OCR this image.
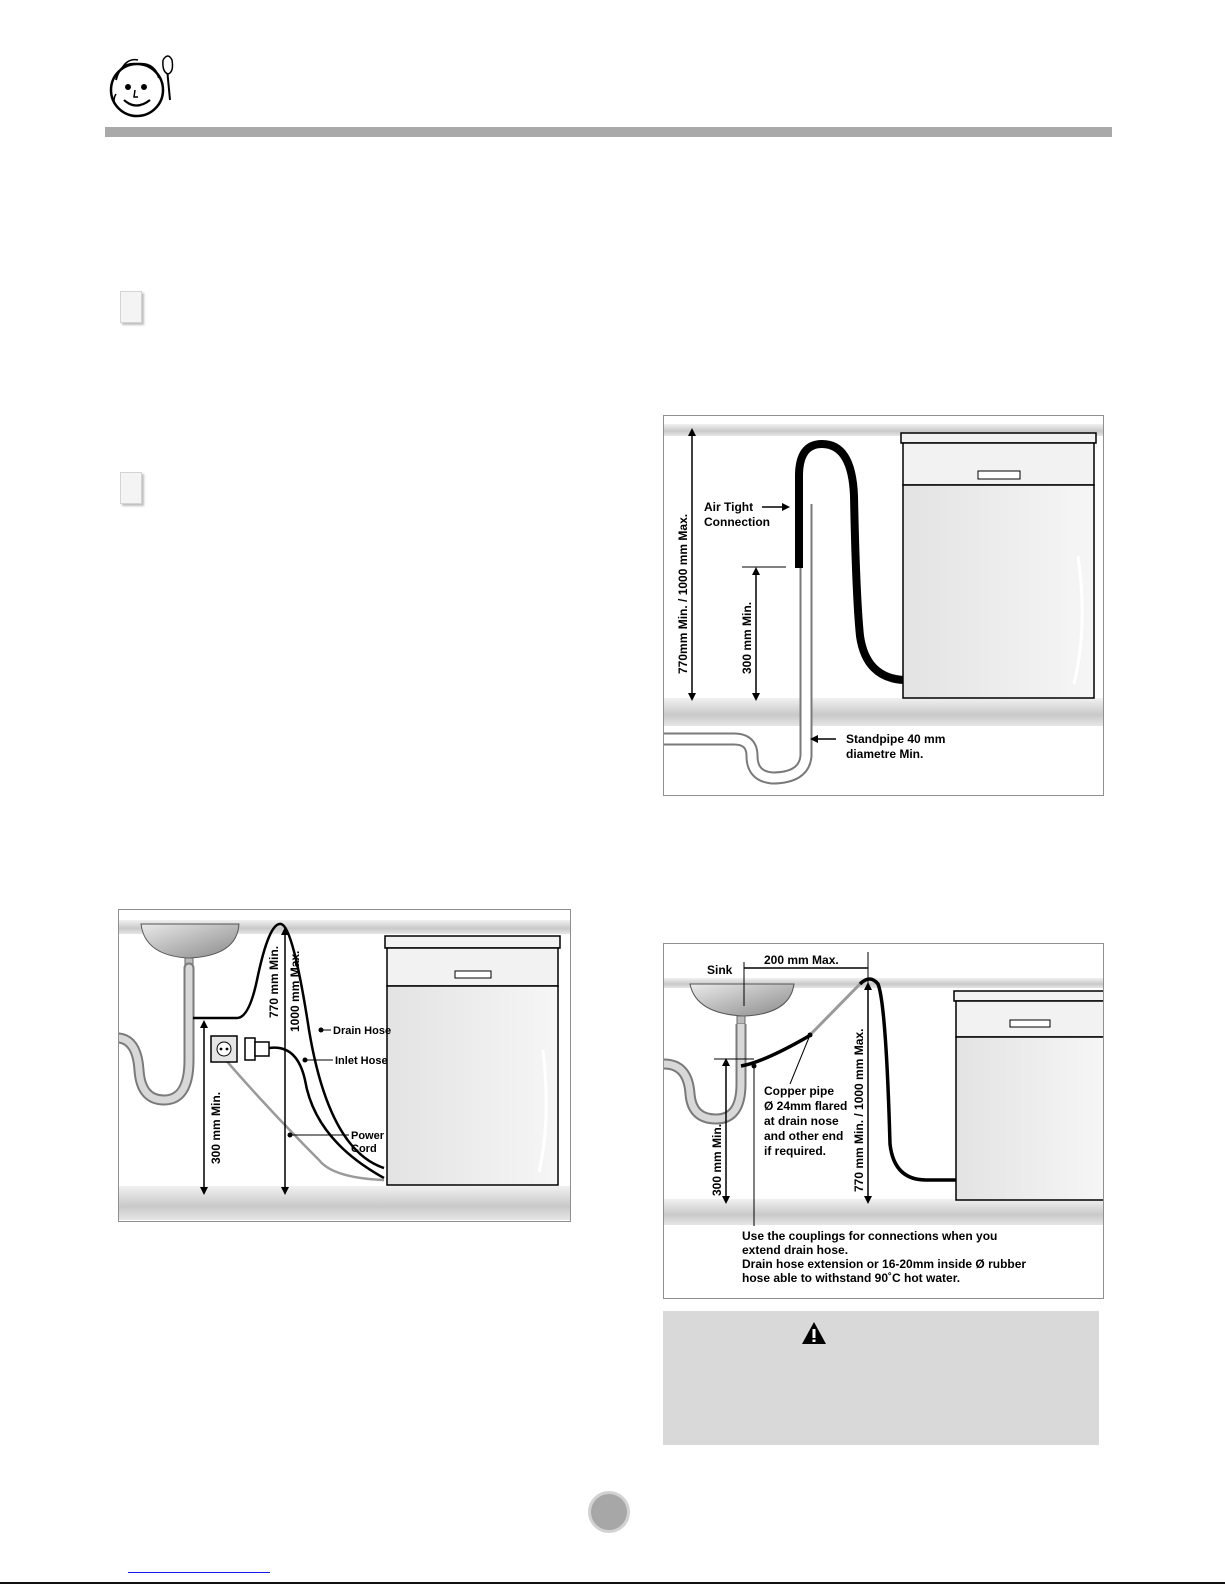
300 mm Min.
770 mm Min. 1000 mm Max.	Drain Hose
Inlet Hose
Power
Cord
770mm Min. / 1000 mm Max.	300 mm Min.
Air Tight
Connection
Standpipe 40 mm
diametre Min.
Sink
200 mm Max.
Copper pipe
Ø 24mm flared
at drain nose
and other end
if required.
300 mm Min.	770 mm Min. / 1000 mm Max.
Use the couplings for connections when you
extend drain hose.
Drain hose extension or 16-20mm inside Ø rubber
hose able to withstand 90˚C hot water.
